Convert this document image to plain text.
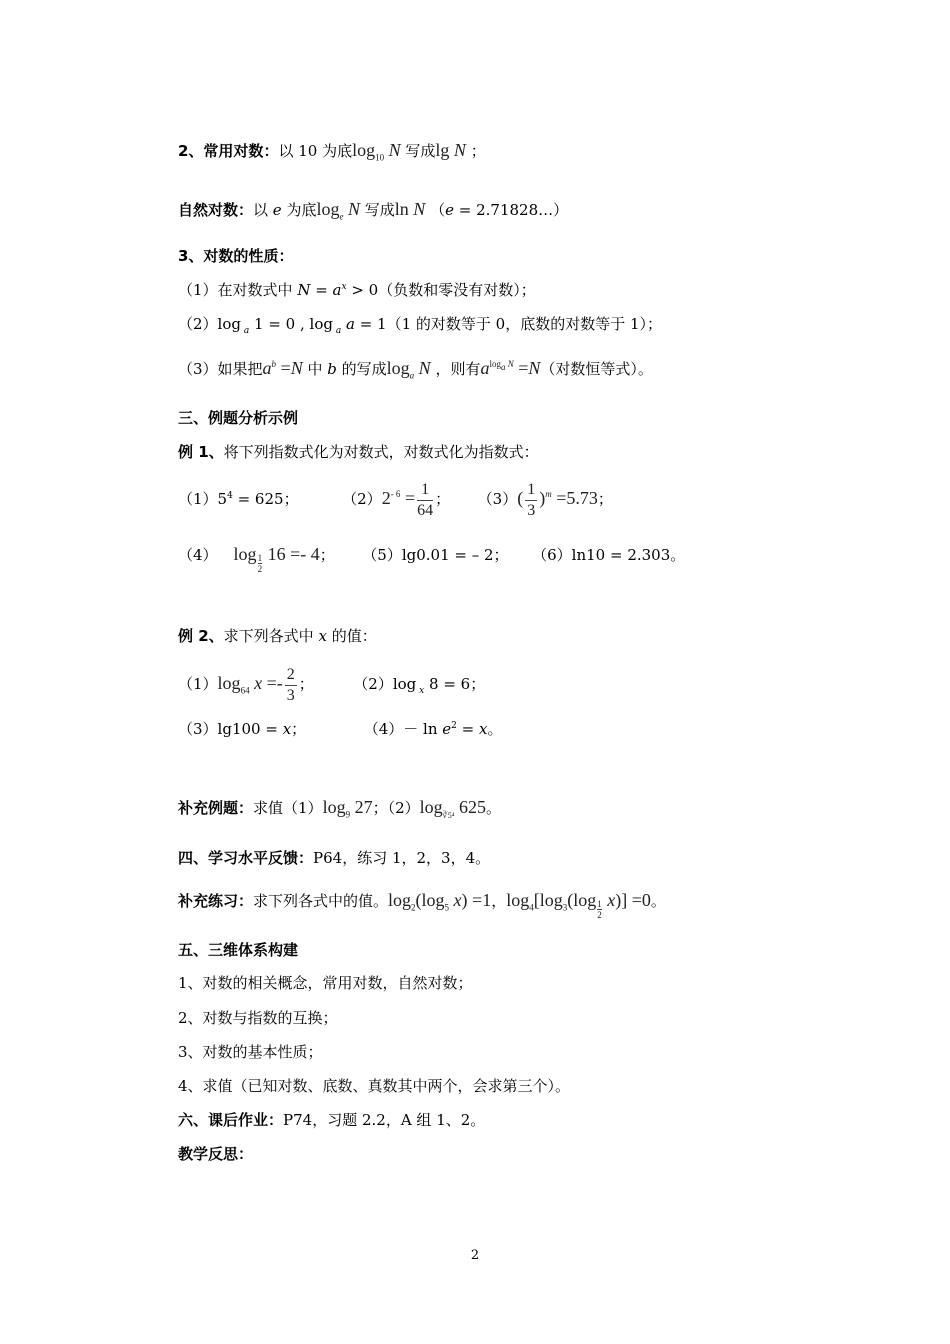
2、常用对数：以 10 为底$\log_{10} N$ 写成lg N ；
自然对数：以 e 为底$\log_e N$ 写成ln N （e = 2.71828…）
3、对数的性质：
（1）在对数式中 $N = a^x > 0$（负数和零没有对数）；
（2）log $_a$ 1 = 0 , log $_a$ a = 1（1 的对数等于 0，底数的对数等于 1）；
（3）如果把$a^b =N$ 中 b 的写成$\log_a N$ ，则有$a^{log_a N} =N$（对数恒等式）。
三、例题分析示例
例 1、将下列指数式化为对数式，对数式化为指数式：
$(1)5^4 = 625$；	$(2)2^{- 6} = \frac{1}{64}$ ；  $(3)( \frac{1}{3} )^m =5.73$；
（4） $\log \frac{1}{2} 16 =- 4$； （5）lg0.01 = – 2； （6）ln10 = 2.303。
例 2、求下列各式中 x 的值：
$(1)\log_{64}$ $x =- \frac{2}{3}$ ；	（2）log $_x$ 8 = 6；
（3）lg100 = x；	$(4)- \ln e^2 = x$。
补充例题：求值$(1)\log_9$ 27；$(2)\log_{∛5^4}$ 625。
四、学习水平反馈：P64，练习 1，2，3，4。
补充练习：求下列各式中的值。$\log_2(\log_5$ x) =1，$\log_4[\log_3(\log \frac{1}{2} x)] =0$。
五、三维体系构建
1、对数的相关概念，常用对数，自然对数；
2、对数与指数的互换；
3、对数的基本性质；
4、求值（已知对数、底数、真数其中两个，会求第三个）。
六、课后作业：P74，习题 2.2，A 组 1、2。
教学反思：
2
